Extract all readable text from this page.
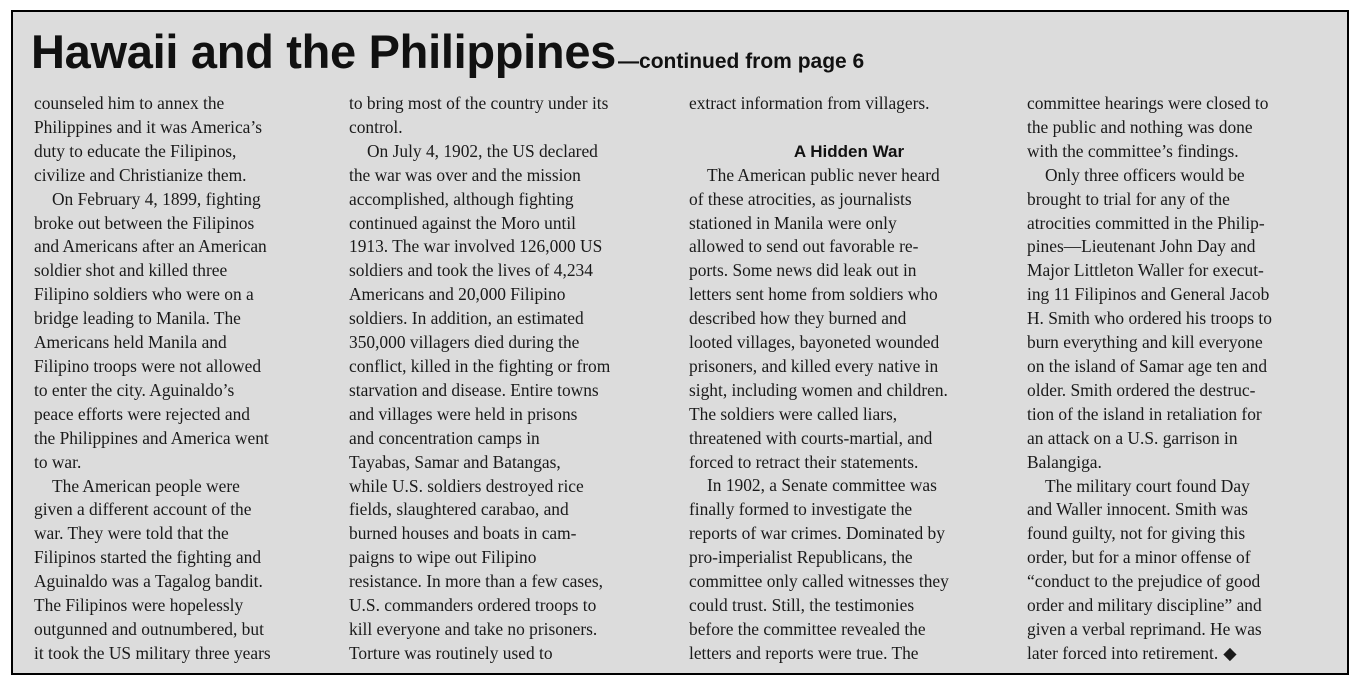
Hawaii and the Philippines—continued from page 6

counseled him to annex the

Philippines and it was America’s

duty to educate the Filipinos,

civilize and Christianize them.

On February 4, 1899, fighting

broke out between the Filipinos

and Americans after an American

soldier shot and killed three

Filipino soldiers who were on a

bridge leading to Manila. The

Americans held Manila and

Filipino troops were not allowed

to enter the city. Aguinaldo’s

peace efforts were rejected and

the Philippines and America went

to war.

The American people were

given a different account of the

war. They were told that the

Filipinos started the fighting and

Aguinaldo was a Tagalog bandit.

The Filipinos were hopelessly

outgunned and outnumbered, but

it took the US military three years

to bring most of the country under its

control.

On July 4, 1902, the US declared

the war was over and the mission

accomplished, although fighting

continued against the Moro until

1913. The war involved 126,000 US

soldiers and took the lives of 4,234

Americans and 20,000 Filipino

soldiers. In addition, an estimated

350,000 villagers died during the

conflict, killed in the fighting or from

starvation and disease. Entire towns

and villages were held in prisons

and concentration camps in

Tayabas, Samar and Batangas,

while U.S. soldiers destroyed rice

fields, slaughtered carabao, and

burned houses and boats in cam-

paigns to wipe out Filipino

resistance. In more than a few cases,

U.S. commanders ordered troops to

kill everyone and take no prisoners.

Torture was routinely used to

extract information from villagers.

A Hidden War

The American public never heard

of these atrocities, as journalists

stationed in Manila were only

allowed to send out favorable re-

ports. Some news did leak out in

letters sent home from soldiers who

described how they burned and

looted villages, bayoneted wounded

prisoners, and killed every native in

sight, including women and children.

The soldiers were called liars,

threatened with courts-martial, and

forced to retract their statements.

In 1902, a Senate committee was

finally formed to investigate the

reports of war crimes. Dominated by

pro-imperialist Republicans, the

committee only called witnesses they

could trust. Still, the testimonies

before the committee revealed the

letters and reports were true. The

committee hearings were closed to

the public and nothing was done

with the committee’s findings.

Only three officers would be

brought to trial for any of the

atrocities committed in the Philip-

pines—Lieutenant John Day and

Major Littleton Waller for execut-

ing 11 Filipinos and General Jacob

H. Smith who ordered his troops to

burn everything and kill everyone

on the island of Samar age ten and

older. Smith ordered the destruc-

tion of the island in retaliation for

an attack on a U.S. garrison in

Balangiga.

The military court found Day

and Waller innocent. Smith was

found guilty, not for giving this

order, but for a minor offense of

“conduct to the prejudice of good

order and military discipline” and

given a verbal reprimand. He was

later forced into retirement. ◆
